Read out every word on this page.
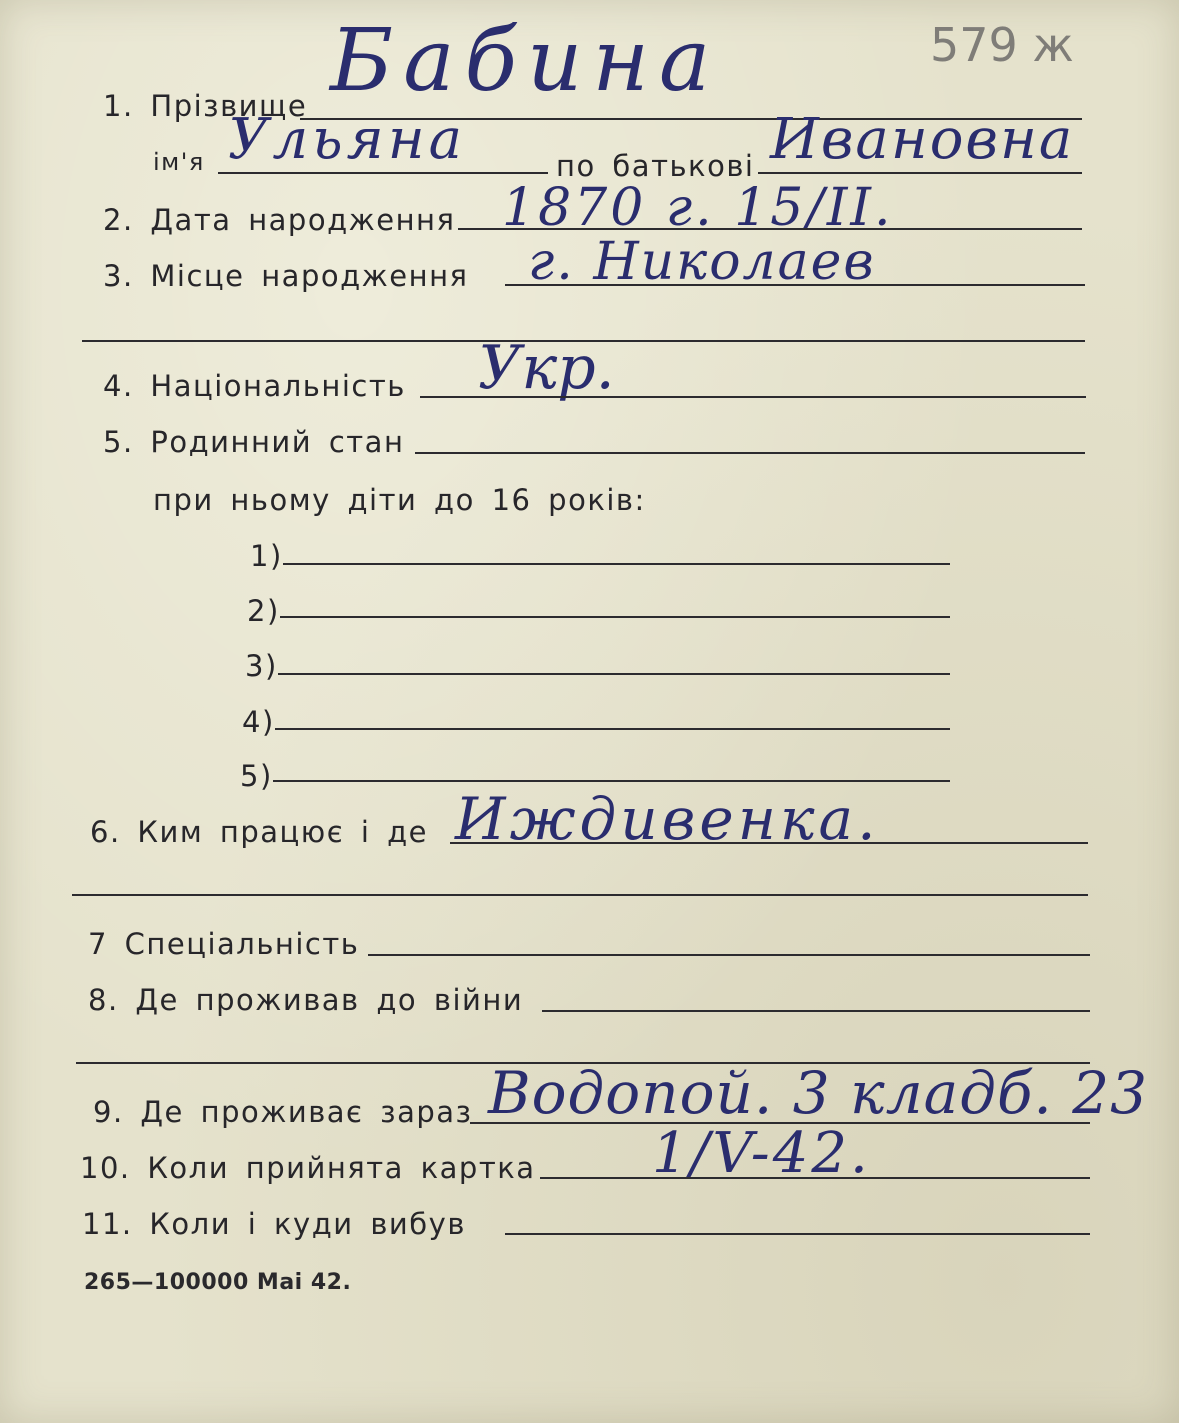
579 ж
1. Прізвище Бабина
ім'я Ульяна	по батькові Ивановна
2. Дата народження 1870 г. 15/II.
3. Місце народження г. Николаев
4. Національність Укр.
5. Родинний стан
при ньому діти до 16 років:
1)
2)
3)
4)
5)
6. Ким працює і де Иждивенка.
7 Спеціальність
8. Де проживав до війни
9. Де проживає зараз Водопой. 3 кладб. 23
10. Коли прийнята картка 1/V-42.
11. Коли і куди вибув
265—100000 Маі 42.
